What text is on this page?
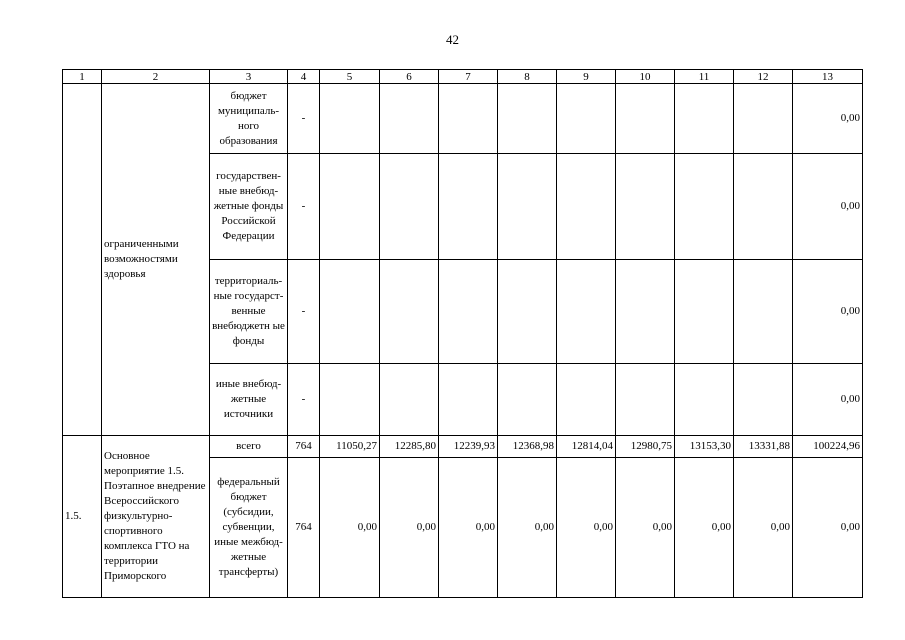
42
1	2	3	4	5	6	7	8	9	10	11	12	13
	ограниченными возможностями здоровья	бюджет муниципаль-ного образования	-									0,00
		государствен-ные внебюд-жетные фонды Российской Федерации	-									0,00
		территориаль-ные государст-венные внебюджетн ые фонды	-									0,00
		иные внебюд-жетные источники	-									0,00
1.5.	Основное мероприятие 1.5. Поэтапное внедрение Всероссийского физкультурно-спортивного комплекса ГТО на территории Приморского	всего	764	11050,27	12285,80	12239,93	12368,98	12814,04	12980,75	13153,30	13331,88	100224,96
		федеральный бюджет (субсидии, субвенции, иные межбюд-жетные трансферты)	764	0,00	0,00	0,00	0,00	0,00	0,00	0,00	0,00	0,00
